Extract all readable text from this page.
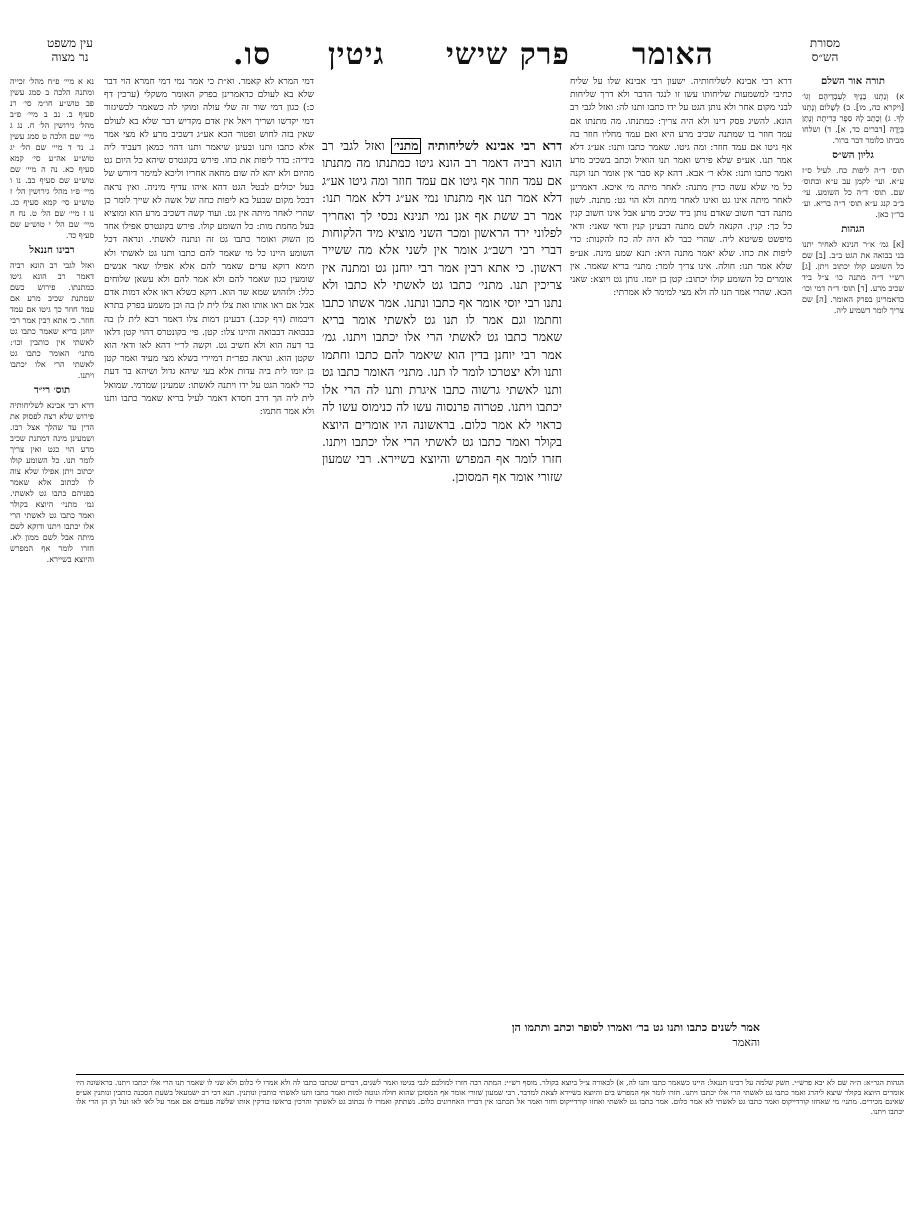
עין משפט
נר מצוה	סו. גיטין פרק שישי האומר	מסורת
הש״ס

תורה אור השלם

א) וְנַתְנוּ בָנֶיךָ לְעַבְדֵיהֶם וְגוֹ׳ [ויקרא כה, מו]. ב) לְשָׁלוֹם וְנָתְנוּ לְךָ. ג) וְכָתַב לָהּ סֵפֶר כְּרִיתֻת וְנָתַן בְּיָדָהּ [דברים כד, א]. ד) ושלחו מביתו כלומר דבר ברור.

גליון הש״ס

תוס׳ ד״ה ליפות כח. לעיל ס״ז ע״א. ועי׳ לקמן עב ע״א ובתוס׳ שם. תוס׳ ד״ה כל השומע. עי׳ ב״ב קנג ע״א תוס׳ ד״ה בריא. וע׳ בר״ן כאן.

הגהות

[א] גמ׳ א״ר חנינא לאחיר יתנו בני בבואה את הגט ב״ב. [ב] שם כל השומע קולו יכתוב ויתן. [ג] רש״י ד״ה מתנה כו׳ צ״ל ביד שכיב מרע. [ד] תוס׳ ד״ה דמי וכו׳ כדאמרינן בפרק האומר. [ה] שם צריך לומר דשמיע ליה.

נא א מיי׳ פ״ח מהל׳ זכייה ומתנה הלכה ב סמג עשין פב טוש״ע חו״מ סי׳ רנ סעיף ב. נב ב מיי׳ פ״ב מהל׳ גירושין הל׳ ח. נג ג מיי׳ שם הלכה ט סמג עשין נ. נד ד מיי׳ שם הל׳ יג טוש״ע אה״ע סי׳ קמא סעיף כא. נה ה מיי׳ שם טוש״ע שם סעיף כב. נו ו מיי׳ פ״ו מהל׳ גירושין הל׳ ז טוש״ע סי׳ קמא סעיף כג. נז ז מיי׳ שם הל׳ ט. נח ח מיי׳ שם הל׳ י טוש״ע שם סעיף כד.

רבינו חננאל

ואזל לגבי רב הונא רביה דאמר רב הונא גיטו כמתנתו. פירוש כשם שמתנת שכיב מרע אם עמד חוזר כך גיטו אם עמד חוזר. כי אתא רבין אמר רבי יוחנן בריא שאמר כתבו גט לאשתי אין כותבין וכו׳: מתני׳ האומר כתבו גט לאשתי הרי אלו יכתבו ויתנו.

תוס׳ רי״ד

דרא רבי אבינא לשליחותיה פירוש שלא רצה לפסוק את הדין עד שהלך אצל רבו. ושמעינן מינה דמתנת שכיב מרע הוי כגט ואין צריך לומר תנו. כל השומע קולו יכתוב ויתן אפילו שלא צוה לו לכתוב אלא שאמר בפניהם כתבו גט לאשתי. גמ׳ מתני׳ היוצא בקולר ואמר כתבו גט לאשתי הרי אלו יכתבו ויתנו ודוקא לשם מיתה אבל לשם ממון לא. חזרו לומר אף המפרש והיוצא בשיירא.

דרא רבי אבינא לשליחותיה. ישעון רבי אבינא שלו על שליח כתיבי למשמעות שליחותו עשו זו לנגד הדבר ולא דרך שליחות לבני מקום אחר ולא נותן הגט על ידו כתבו ותנו לה: ואזל לגבי רב הונא. להשיג פסק דינו ולא היה צריך: כמתנתו. מה מתנתו אם עמד חוזר בו שמתנה שכיב מרע היא ואם עמד מחליו חוזר בה אף גיטו אם עמד חוזר: ומה גיטו. שאמר כתבו ותנו: אע״ג דלא אמר תנו. אע״פ שלא פירש ואמר תנו הואיל וכתב בשכיב מרע ואמר כתבו ותנו: אלא ר׳ אבא. דהא קא סבר אין אומר תנו וקנה כל מי שלא עשה כדין מתנה: לאחר מיתה מי איכא. דאמרינן לאחר מיתה אינו גט ואינו לאחר מיתה ולא הוי גט: מתנה. לשון מתנה דבר חשוב שאדם נותן ביד שכיב מרע אבל אינו חשוב קנין כל כך: קנין. הקנאה לשם מתנה דבעינן קנין ודאי שאני: ודאי מיפשט פשיטא ליה. שהרי כבר לא היה לה כח להקנות: כדי ליפות את כחו. שלא יאמר מתנה היא: תנא שמע מינה. אע״פ שלא אמר תנו: חולה. אינו צריך לומר: מתני׳ בריא שאמר. אין אומרים כל השומע קולו יכתוב: קטן בן יומו. נותן גט ויוצא: שאני הכא. שהרי אמר תנו לה ולא מצי למימר לא אמרתי:

דמי המרא לא קאמר. וא״ת כי אמר נמי דמי חמרא הוי דבר שלא בא לעולם כדאמרינן בפרק האומר משקלי (ערכין דף כ:) כגון דמי שור זה שלי עולה ומוקי לה כשאמר לכשיגזור דמי יקדשו ושריך ויאל אין אדם מקדיש דבר שלא בא לעולם שאין בזה לחוש ופטור הכא אע״ג דשכיב מרע לא מצי אמר אלא כתבו ותנו ובעינן שיאמר ותנו דהוי כמאן דעביד ליה בידיה: בדר ליפות את כחו. פירש בקונטרס שיהא כל היום גט מהיום ולא יהא לה שום מחאה אחריו וליכא למימר דיורש של בעל יכולים לבטל הגט דהא איהו עדיף מיניה. ואין נראה דבכל מקום שבעל בא ליפות כחה של אשה לא שייך לומר כן שהרי לאחר מיתה אין גט. ועוד קשה דשכיב מרע הוא ומוציא בעל מחמת מות: כל השומע קולו. פירש בקונטרס אפילו אחד מן השוק ואומר כתבו גט זה ונתנה לאשתי. ונראה דכל השומע היינו כל מי שאמר להם כתבו ותנו גט לאשתי ולא תימא דוקא עדים שאמר להם אלא אפילו שאר אנשים שומעין כגון שאמר להם ולא אמר להם ולא עשאן שלוחים כלל: ולזהוש שמא שד הוא. דוקא כשלא ראו אלא דמות אדם אבל אם ראו אותו ואת צלו לית לן בה וכן משמע בפרק בתרא דיבמות (דף קכב.) דבעינן דמות צלו דאמר רבא לית לן בה בבבואה דבבואה והיינו צלו: קטן. פי׳ בקונטרס דהוי קטן דלאו בר דעה הוא ולא חשיב גט. וקשה לר״י דהא לאו ודאי הוא שקטן הוא. ונראה כפר״ת דמיירי בשלא מצי מעיד ואמר קטן בן יומו לית ביה עדות אלא בעי שיהא גדול ושיהא בר דעת כדי לאמר הגט על ידו ויתנה לאשתו: שמעינן שמדמי. שמואל לית ליה הך דרב חסדא דאמר לעיל בריא שאמר כתבו ותנו ולא אמר חתמו:

דרא רבי אבינא לשליחותיה מתני׳ ואזל לגבי רב הונא רביה דאמר רב הונא גיטו כמתנתו מה מתנתו אם עמד חוזר אף גיטו אם עמד חוזר ומה גיטו אע״ג דלא אמר תנו אף מתנתו נמי אע״ג דלא אמר תנו: אמר רב ששת אף אנן נמי תנינא נכסי לך ואחריך לפלוני ירד הראשון ומכר השני מוציא מיד הלקוחות דברי רבי רשב״ג אומר אין לשני אלא מה ששייר ראשון. כי אתא רבין אמר רבי יוחנן גט ומתנה אין צריכין תנו. מתני׳ כתבו גט לאשתי לא כתבו ולא נתנו רבי יוסי אומר אף כתבו ונתנו. אמר אשתו כתבו וחתמו וגם אמר לו תנו גט לאשתי אומר בריא שאמר כתבו גט לאשתי הרי אלו יכתבו ויתנו. גמ׳ אמר רבי יוחנן בדין הוא שיאמר להם כתבו וחתמו ותנו ולא יצטרכו לומר לו תנו. מתני׳ האומר כתבו גט ותנו לאשתי גרשוה כתבו איגרת ותנו לה הרי אלו יכתבו ויתנו. פטרוה פרנסוה עשו לה כנימוס עשו לה כראוי לא אמר כלום. בראשונה היו אומרים היוצא בקולר ואמר כתבו גט לאשתי הרי אלו יכתבו ויתנו. חזרו לומר אף המפרש והיוצא בשיירא. רבי שמעון שזורי אומר אף המסוכן.

אמר לשנים כתבו ותנו גט בר׳ ואמרו לסופר וכתב ותתמו הן

והאמר

הגהות הגר״א: ה״ה שם לא יבא פרש״י. חשק שלמה על רבינו חננאל: היינו כשאמר כתבו ותנו לה, א) לכאורה צ״ל ביוצא בקולר. מוסף רש״י: המתה רבה חזרו למולכם לגבי בגיטו ואמר לשנים, דברים שכתבו כתבו לה ולא אמרו לי כלום ולא שני לו שאמר תנו הרי אלו יכתבו ויתנו. בראשונה היו אומרים היוצא בקולר שיצא ליהרג ואמר כתבו גט לאשתי הרי אלו יכתבו ויתנו. חזרו לומר אף המפרש בים והיוצא בשיירא לצאת למדבר. רבי שמעון שזורי אומר אף המסוכן שהוא חולה ונוטה למות ואמר כתבו ותנו לאשתי כותבין ונותנין. תנא דבי רב ישמעאל בשעת הסכנה כותבין ונותנין אע״פ שאינם מכירים. מתני׳ מי שאחזו קורדייקוס ואמר כתבו גט לאשתי לא אמר כלום. אמר כתבו גט לאשתי ואחזו קורדייקוס וחזר ואמר אל תכתבו אין דבריו האחרונים כלום. נשתתק ואמרו לו נכתוב גט לאשתך והרכין בראשו בודקין אותו שלשה פעמים אם אמר על לאו לאו ועל הן הן הרי אלו יכתבו ויתנו.
